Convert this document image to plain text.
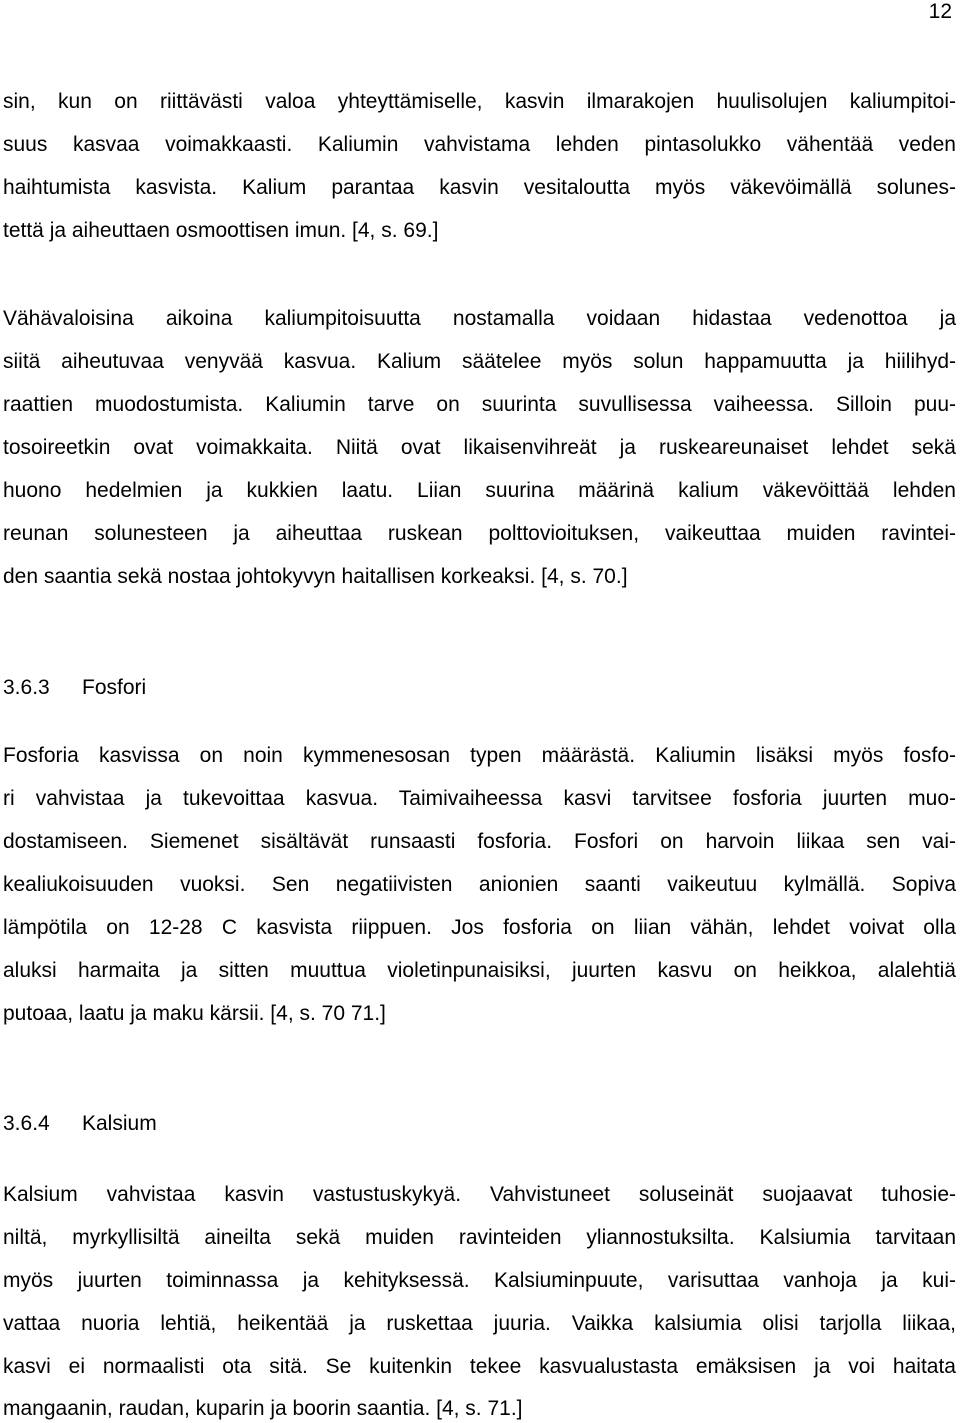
12
sin, kun on riittävästi valoa yhteyttämiselle, kasvin ilmarakojen huulisolujen kaliumpitoi-
suus kasvaa voimakkaasti. Kaliumin vahvistama lehden pintasolukko vähentää veden
haihtumista kasvista. Kalium parantaa kasvin vesitaloutta myös väkevöimällä solunes-
tettä ja aiheuttaen osmoottisen imun. [4, s. 69.]
Vähävaloisina aikoina kaliumpitoisuutta nostamalla voidaan hidastaa vedenottoa ja
siitä aiheutuvaa venyvää kasvua. Kalium säätelee myös solun happamuutta ja hiilihyd-
raattien muodostumista. Kaliumin tarve on suurinta suvullisessa vaiheessa. Silloin puu-
tosoireetkin ovat voimakkaita. Niitä ovat likaisenvihreät ja ruskeareunaiset lehdet sekä
huono hedelmien ja kukkien laatu. Liian suurina määrinä kalium väkevöittää lehden
reunan solunesteen ja aiheuttaa ruskean polttovioituksen, vaikeuttaa muiden ravintei-
den saantia sekä nostaa johtokyvyn haitallisen korkeaksi. [4, s. 70.]
3.6.3 Fosfori
Fosforia kasvissa on noin kymmenesosan typen määrästä. Kaliumin lisäksi myös fosfo-
ri vahvistaa ja tukevoittaa kasvua. Taimivaiheessa kasvi tarvitsee fosforia juurten muo-
dostamiseen. Siemenet sisältävät runsaasti fosforia. Fosfori on harvoin liikaa sen vai-
kealiukoisuuden vuoksi. Sen negatiivisten anionien saanti vaikeutuu kylmällä. Sopiva
lämpötila on 12-28 C kasvista riippuen. Jos fosforia on liian vähän, lehdet voivat olla
aluksi harmaita ja sitten muuttua violetinpunaisiksi, juurten kasvu on heikkoa, alalehtiä
putoaa, laatu ja maku kärsii. [4, s. 70 71.]
3.6.4 Kalsium
Kalsium vahvistaa kasvin vastustuskykyä. Vahvistuneet soluseinät suojaavat tuhosie-
niltä, myrkyllisiltä aineilta sekä muiden ravinteiden yliannostuksilta. Kalsiumia tarvitaan
myös juurten toiminnassa ja kehityksessä. Kalsiuminpuute, varisuttaa vanhoja ja kui-
vattaa nuoria lehtiä, heikentää ja ruskettaa juuria. Vaikka kalsiumia olisi tarjolla liikaa,
kasvi ei normaalisti ota sitä. Se kuitenkin tekee kasvualustasta emäksisen ja voi haitata
mangaanin, raudan, kuparin ja boorin saantia. [4, s. 71.]
